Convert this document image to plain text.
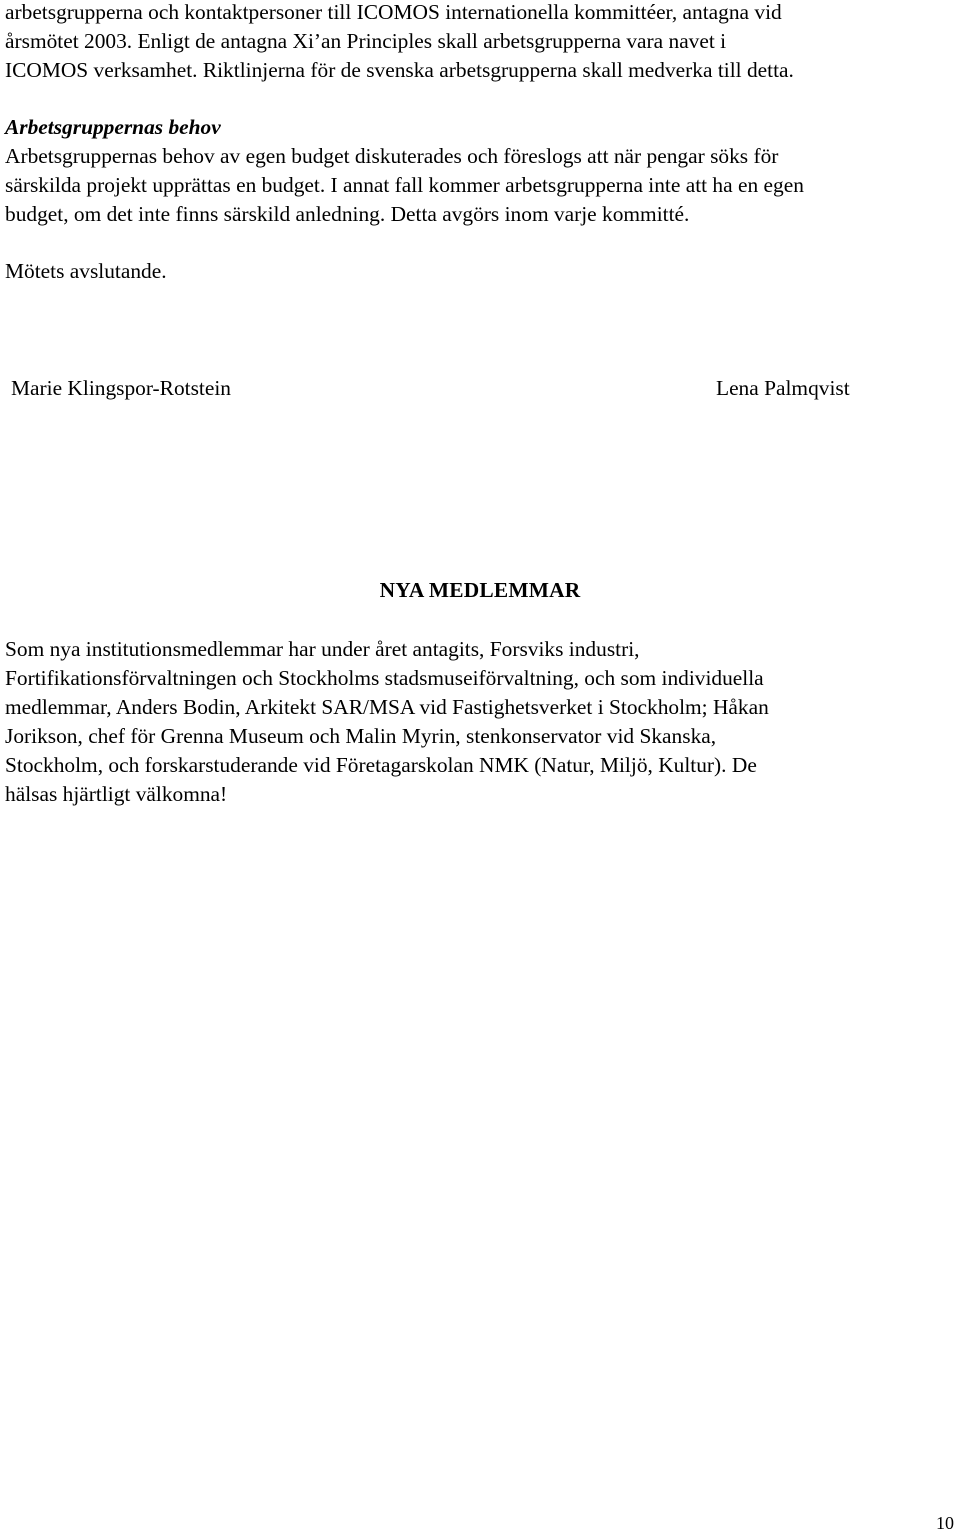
arbetsgrupperna och kontaktpersoner till ICOMOS internationella kommittéer, antagna vid
årsmötet 2003. Enligt de antagna Xi’an Principles skall arbetsgrupperna vara navet i
ICOMOS verksamhet. Riktlinjerna för de svenska arbetsgrupperna skall medverka till detta.
Arbetsgruppernas behov
Arbetsgruppernas behov av egen budget diskuterades och föreslogs att när pengar söks för
särskilda projekt upprättas en budget. I annat fall kommer arbetsgrupperna inte att ha en egen
budget, om det inte finns särskild anledning. Detta avgörs inom varje kommitté.
Mötets avslutande.
Marie Klingspor-Rotstein	Lena Palmqvist
NYA MEDLEMMAR
Som nya institutionsmedlemmar har under året antagits, Forsviks industri,
Fortifikationsförvaltningen och Stockholms stadsmuseiförvaltning, och som individuella
medlemmar, Anders Bodin, Arkitekt SAR/MSA vid Fastighetsverket i Stockholm; Håkan
Jorikson, chef för Grenna Museum och Malin Myrin, stenkonservator vid Skanska,
Stockholm, och forskarstuderande vid Företagarskolan NMK (Natur, Miljö, Kultur). De
hälsas hjärtligt välkomna!
10
